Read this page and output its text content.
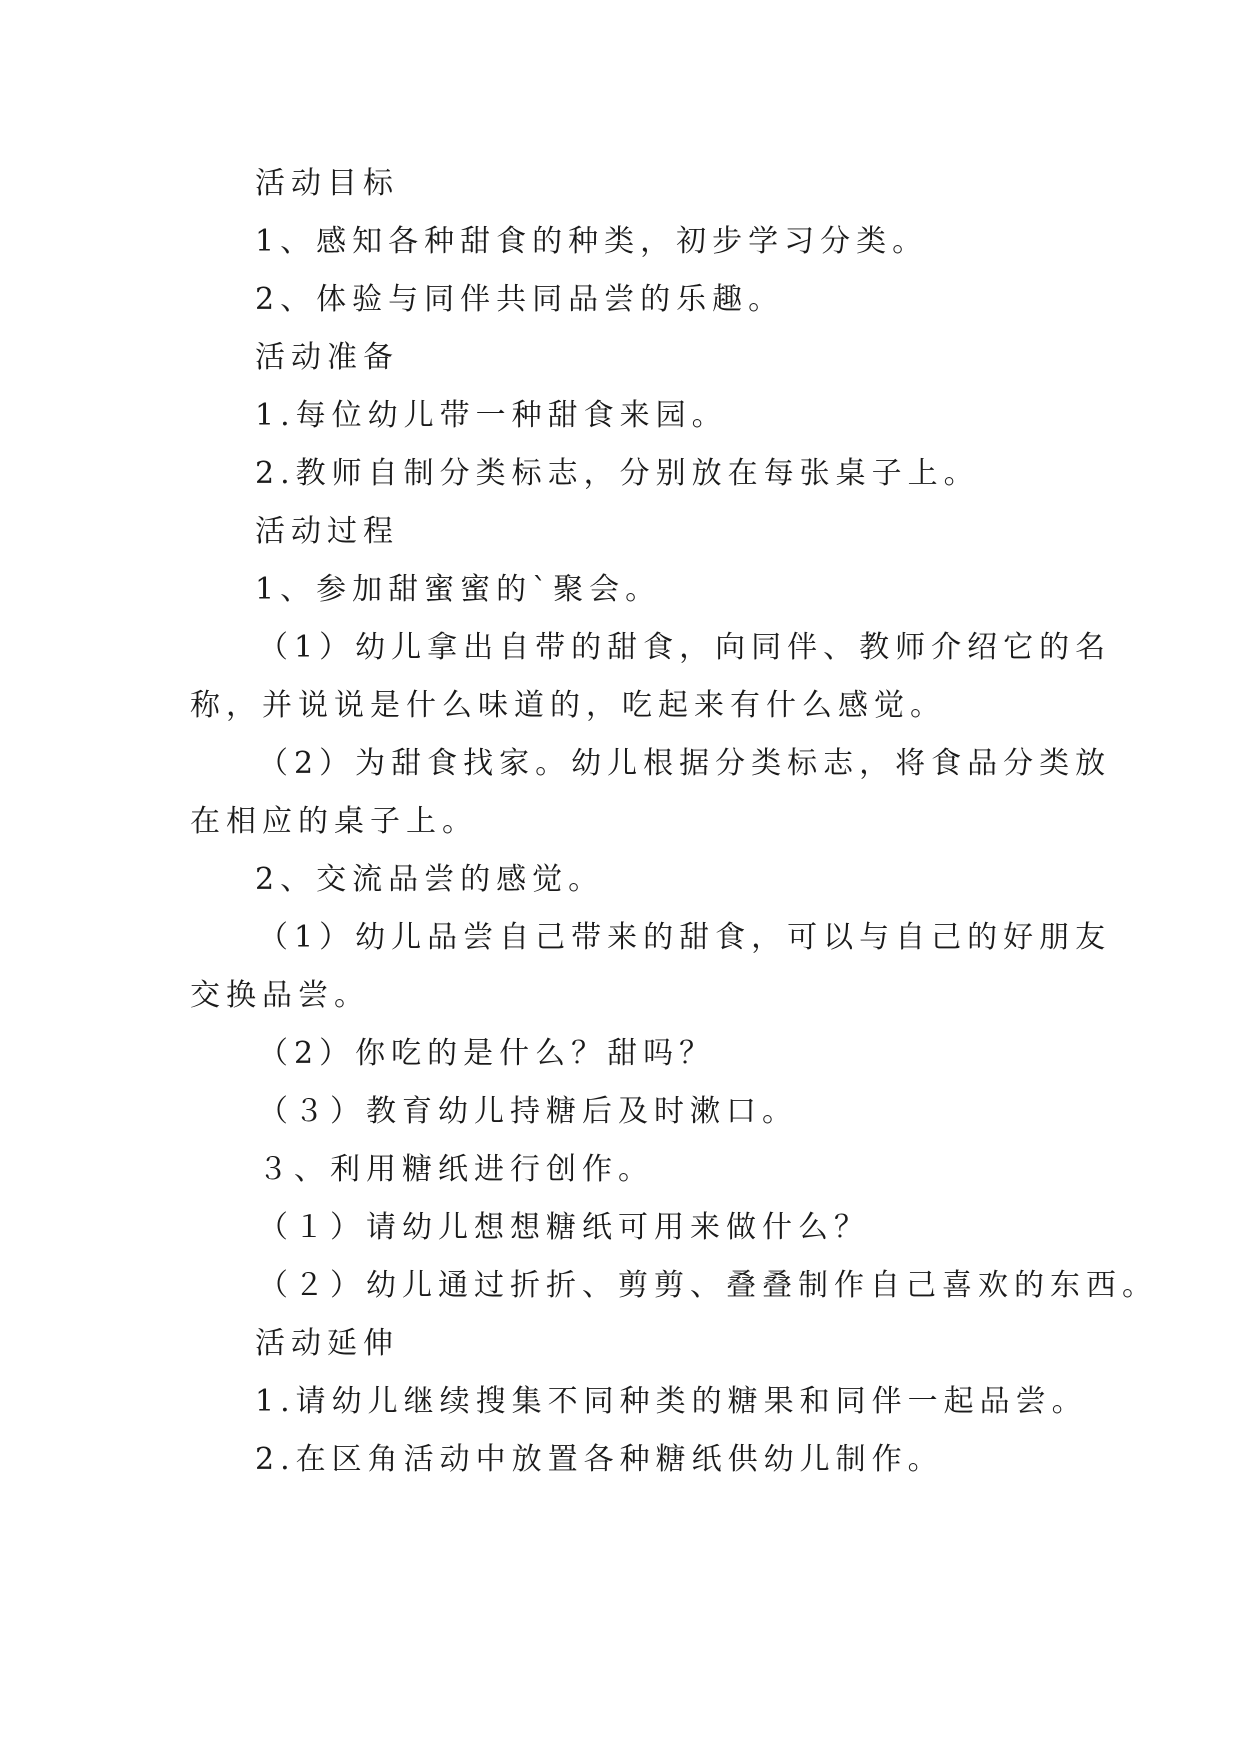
活动目标
1、感知各种甜食的种类，初步学习分类。
2、体验与同伴共同品尝的乐趣。
活动准备
1.每位幼儿带一种甜食来园。
2.教师自制分类标志，分别放在每张桌子上。
活动过程
1、参加甜蜜蜜的`聚会。
（1）幼儿拿出自带的甜食，向同伴、教师介绍它的名
称，并说说是什么味道的，吃起来有什么感觉。
（2）为甜食找家。幼儿根据分类标志，将食品分类放
在相应的桌子上。
2、交流品尝的感觉。
（1）幼儿品尝自己带来的甜食，可以与自己的好朋友
交换品尝。
（2）你吃的是什么？甜吗？
（３）教育幼儿持糖后及时漱口。
３、利用糖纸进行创作。
（１）请幼儿想想糖纸可用来做什么？
（２）幼儿通过折折、剪剪、叠叠制作自己喜欢的东西。
活动延伸
1.请幼儿继续搜集不同种类的糖果和同伴一起品尝。
2.在区角活动中放置各种糖纸供幼儿制作。
